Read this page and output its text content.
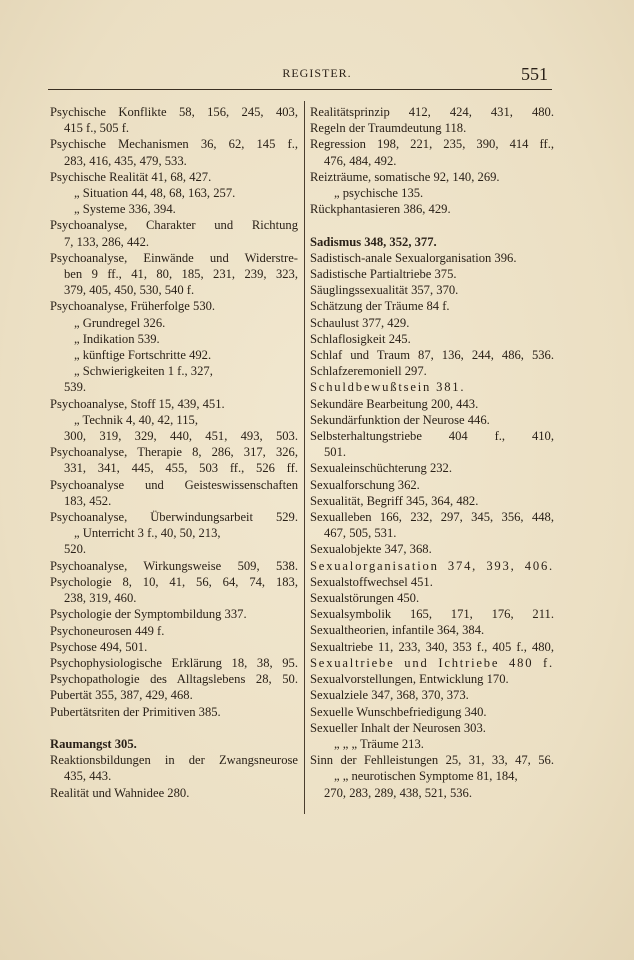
REGISTER.	551
Psychische Konflikte 58, 156, 245, 403,
415 f., 505 f.
Psychische Mechanismen 36, 62, 145 f.,
283, 416, 435, 479, 533.
Psychische Realität 41, 68, 427.
„ Situation 44, 48, 68, 163, 257.
„ Systeme 336, 394.
Psychoanalyse, Charakter und Richtung
7, 133, 286, 442.
Psychoanalyse, Einwände und Widerstre-
ben 9 ff., 41, 80, 185, 231, 239, 323,
379, 405, 450, 530, 540 f.
Psychoanalyse, Früherfolge 530.
„ Grundregel 326.
„ Indikation 539.
„ künftige Fortschritte 492.
„ Schwierigkeiten 1 f., 327,
539.
Psychoanalyse, Stoff 15, 439, 451.
„ Technik 4, 40, 42, 115,
300, 319, 329, 440, 451, 493, 503.
Psychoanalyse, Therapie 8, 286, 317, 326,
331, 341, 445, 455, 503 ff., 526 ff.
Psychoanalyse und Geisteswissenschaften
183, 452.
Psychoanalyse, Überwindungsarbeit 529.
„ Unterricht 3 f., 40, 50, 213,
520.
Psychoanalyse, Wirkungsweise 509, 538.
Psychologie 8, 10, 41, 56, 64, 74, 183,
238, 319, 460.
Psychologie der Symptombildung 337.
Psychoneurosen 449 f.
Psychose 494, 501.
Psychophysiologische Erklärung 18, 38, 95.
Psychopathologie des Alltagslebens 28, 50.
Pubertät 355, 387, 429, 468.
Pubertätsriten der Primitiven 385.
Raumangst 305.
Reaktionsbildungen in der Zwangsneurose
435, 443.
Realität und Wahnidee 280.
Realitätsprinzip 412, 424, 431, 480.
Regeln der Traumdeutung 118.
Regression 198, 221, 235, 390, 414 ff.,
476, 484, 492.
Reizträume, somatische 92, 140, 269.
„ psychische 135.
Rückphantasieren 386, 429.
Sadismus 348, 352, 377.
Sadistisch-anale Sexualorganisation 396.
Sadistische Partialtriebe 375.
Säuglingssexualität 357, 370.
Schätzung der Träume 84 f.
Schaulust 377, 429.
Schlaflosigkeit 245.
Schlaf und Traum 87, 136, 244, 486, 536.
Schlafzeremoniell 297.
Schuldbewußtsein 381.
Sekundäre Bearbeitung 200, 443.
Sekundärfunktion der Neurose 446.
Selbsterhaltungstriebe 404 f., 410,
501.
Sexualeinschüchterung 232.
Sexualforschung 362.
Sexualität, Begriff 345, 364, 482.
Sexualleben 166, 232, 297, 345, 356, 448,
467, 505, 531.
Sexualobjekte 347, 368.
Sexualorganisation 374, 393, 406.
Sexualstoffwechsel 451.
Sexualstörungen 450.
Sexualsymbolik 165, 171, 176, 211.
Sexualtheorien, infantile 364, 384.
Sexualtriebe 11, 233, 340, 353 f., 405 f., 480,
Sexualtriebe und Ichtriebe 480 f.
Sexualvorstellungen, Entwicklung 170.
Sexualziele 347, 368, 370, 373.
Sexuelle Wunschbefriedigung 340.
Sexueller Inhalt der Neurosen 303.
„ „ „ Träume 213.
Sinn der Fehlleistungen 25, 31, 33, 47, 56.
„ „ neurotischen Symptome 81, 184,
270, 283, 289, 438, 521, 536.
